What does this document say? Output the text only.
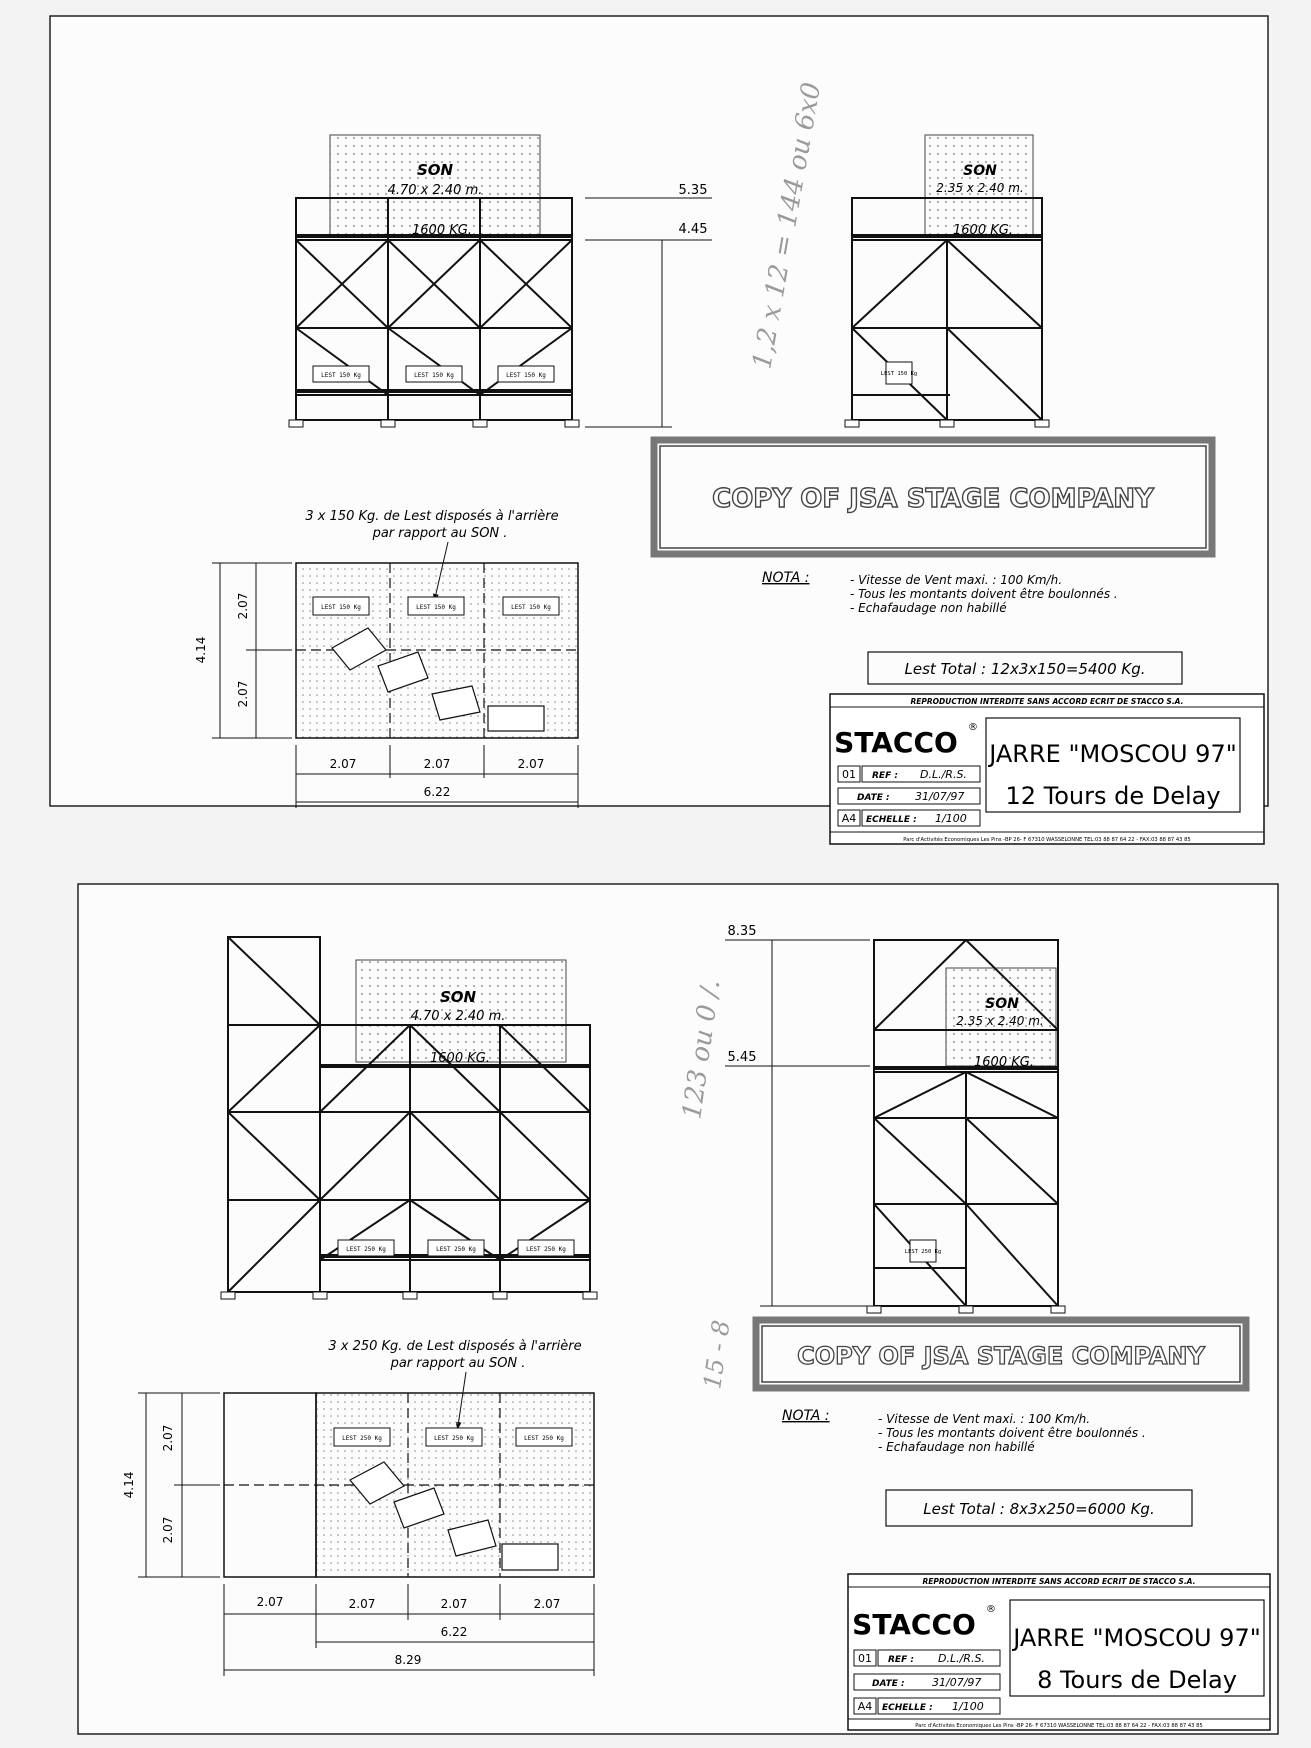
SON
4.70 x 2.40 m.
1600 KG.
LEST 150 Kg	LEST 150 Kg	LEST 150 Kg
5.35
4.45
SON
2.35 x 2.40 m.
1600 KG.
LEST 150 Kg
1,2 x 12 = 144 ou 6x0
COPY OF JSA STAGE COMPANY
3 x 150 Kg. de Lest disposés à l'arrière
par rapport au SON .
LEST 150 Kg	LEST 150 Kg	LEST 150 Kg
4.14
2.07
2.07
2.07	2.07	2.07
6.22
NOTA :	- Vitesse de Vent maxi. : 100 Km/h.
- Tous les montants doivent être boulonnés .
- Echafaudage non habillé
Lest Total : 12x3x150=5400 Kg.
REPRODUCTION INTERDITE SANS ACCORD ECRIT DE STACCO S.A.
STACCO ®
JARRE "MOSCOU 97"
12 Tours de Delay
01 REF : D.L./R.S.
DATE : 31/07/97
A4 ECHELLE : 1/100
Parc d'Activités Economiques Les Pins -BP 26- F 67310 WASSELONNE TEL:03 88 87 64 22 - FAX:03 88 87 43 85
SON
4.70 x 2.40 m.
1600 KG.
LEST 250 Kg	LEST 250 Kg	LEST 250 Kg
8.35
5.45
SON
2.35 x 2.40 m.
1600 KG.
LEST 250 Kg
123 ou 0 /.
15 - 8	COPY OF JSA STAGE COMPANY
3 x 250 Kg. de Lest disposés à l'arrière
par rapport au SON .
LEST 250 Kg	LEST 250 Kg	LEST 250 Kg
4.14
2.07
2.07
2.07	2.07	2.07	2.07
6.22
8.29
NOTA :	- Vitesse de Vent maxi. : 100 Km/h.
- Tous les montants doivent être boulonnés .
- Echafaudage non habillé
Lest Total : 8x3x250=6000 Kg.
REPRODUCTION INTERDITE SANS ACCORD ECRIT DE STACCO S.A.
STACCO ®
JARRE "MOSCOU 97"
8 Tours de Delay
01 REF : D.L./R.S.
DATE : 31/07/97
A4 ECHELLE : 1/100
Parc d'Activités Economiques Les Pins -BP 26- F 67310 WASSELONNE TEL:03 88 87 64 22 - FAX:03 88 87 43 85
